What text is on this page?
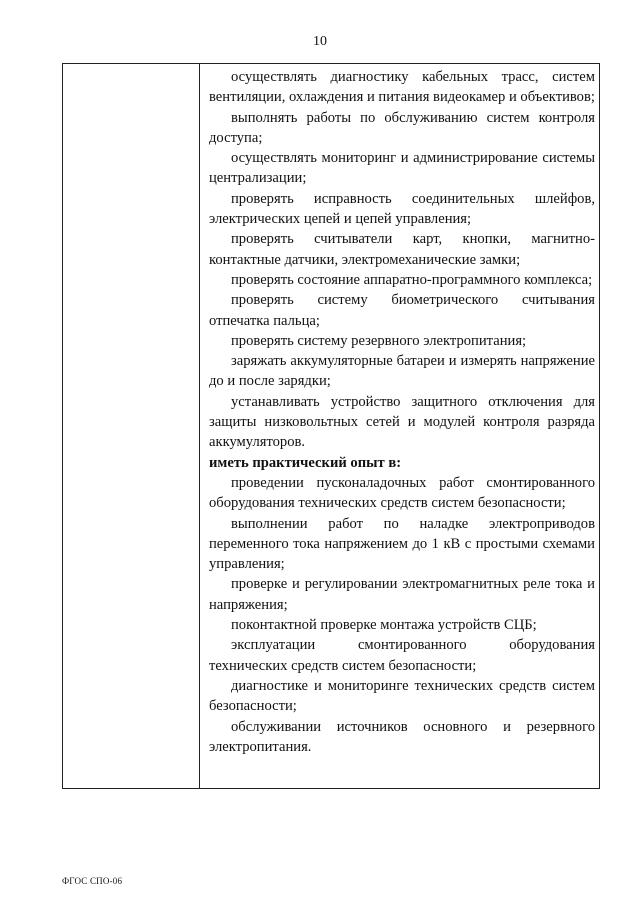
10

осуществлять диагностику кабельных трасс, систем вентиляции, охлаждения и питания видеокамер и объективов;

выполнять работы по обслуживанию систем контроля доступа;

осуществлять мониторинг и администрирование системы централизации;

проверять исправность соединительных шлейфов, электрических цепей и цепей управления;

проверять считыватели карт, кнопки, магнитно-контактные датчики, электромеханические замки;

проверять состояние аппаратно-программного комплекса;

проверять систему биометрического считывания отпечатка пальца;

проверять систему резервного электропитания;

заряжать аккумуляторные батареи и измерять напряжение до и после зарядки;

устанавливать устройство защитного отключения для защиты низковольтных сетей и модулей контроля разряда аккумуляторов.

иметь практический опыт в:

проведении пусконаладочных работ смонтированного оборудования технических средств систем безопасности;

выполнении работ по наладке электроприводов переменного тока напряжением до 1 кВ с простыми схемами управления;

проверке и регулировании электромагнитных реле тока и напряжения;

поконтактной проверке монтажа устройств СЦБ;

эксплуатации смонтированного оборудования технических средств систем безопасности;

диагностике и мониторинге технических средств систем безопасности;

обслуживании источников основного и резервного электропитания.

ФГОС СПО-06
